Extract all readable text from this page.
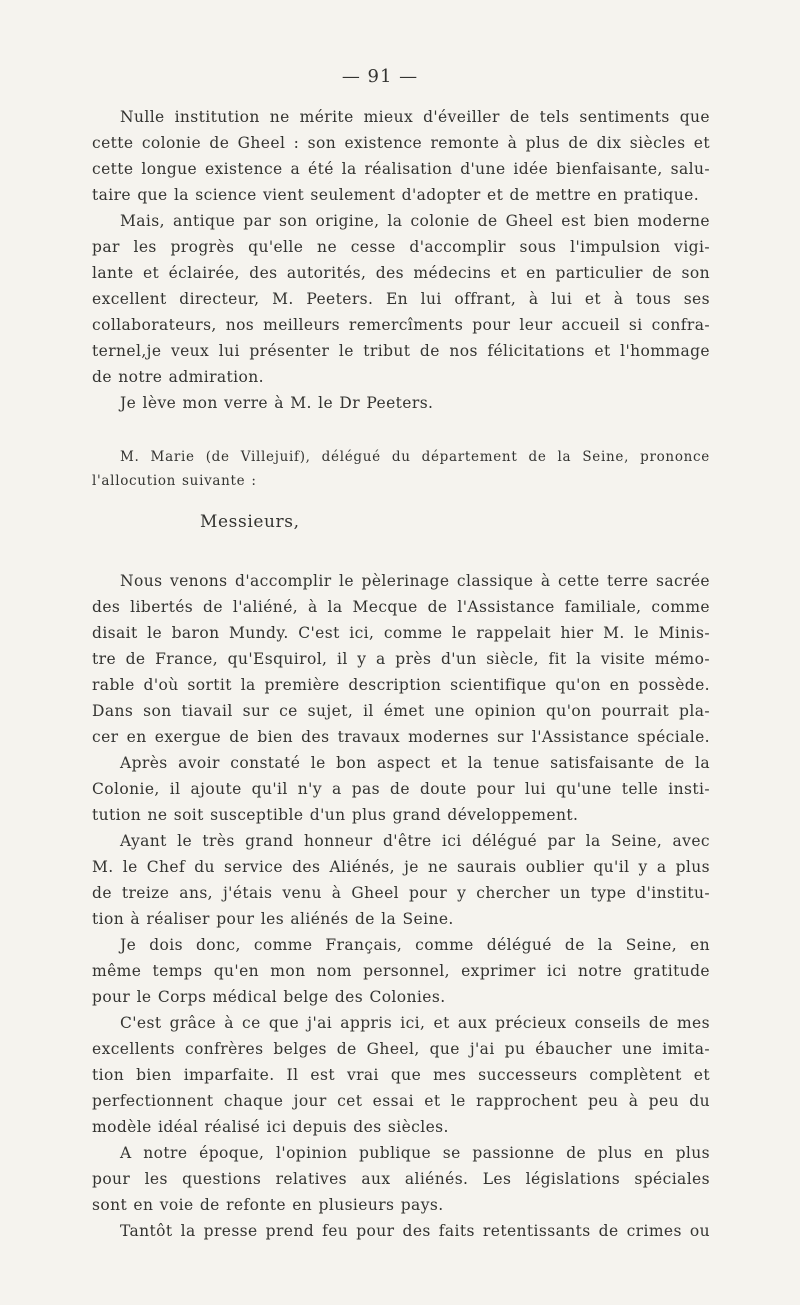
— 91 —
Nulle institution ne mérite mieux d'éveiller de tels sentiments que
cette colonie de Gheel : son existence remonte à plus de dix siècles et
cette longue existence a été la réalisation d'une idée bienfaisante, salu-
taire que la science vient seulement d'adopter et de mettre en pratique.
Mais, antique par son origine, la colonie de Gheel est bien moderne
par les progrès qu'elle ne cesse d'accomplir sous l'impulsion vigi-
lante et éclairée, des autorités, des médecins et en particulier de son
excellent directeur, M. Peeters. En lui offrant, à lui et à tous ses
collaborateurs, nos meilleurs remercîments pour leur accueil si confra-
ternel,je veux lui présenter le tribut de nos félicitations et l'hommage
de notre admiration.
Je lève mon verre à M. le Dr Peeters.
M. Marie (de Villejuif), délégué du département de la Seine, prononce
l'allocution suivante :
Messieurs,
Nous venons d'accomplir le pèlerinage classique à cette terre sacrée
des libertés de l'aliéné, à la Mecque de l'Assistance familiale, comme
disait le baron Mundy. C'est ici, comme le rappelait hier M. le Minis-
tre de France, qu'Esquirol, il y a près d'un siècle, fit la visite mémo-
rable d'où sortit la première description scientifique qu'on en possède.
Dans son tiavail sur ce sujet, il émet une opinion qu'on pourrait pla-
cer en exergue de bien des travaux modernes sur l'Assistance spéciale.
Après avoir constaté le bon aspect et la tenue satisfaisante de la
Colonie, il ajoute qu'il n'y a pas de doute pour lui qu'une telle insti-
tution ne soit susceptible d'un plus grand développement.
Ayant le très grand honneur d'être ici délégué par la Seine, avec
M. le Chef du service des Aliénés, je ne saurais oublier qu'il y a plus
de treize ans, j'étais venu à Gheel pour y chercher un type d'institu-
tion à réaliser pour les aliénés de la Seine.
Je dois donc, comme Français, comme délégué de la Seine, en
même temps qu'en mon nom personnel, exprimer ici notre gratitude
pour le Corps médical belge des Colonies.
C'est grâce à ce que j'ai appris ici, et aux précieux conseils de mes
excellents confrères belges de Gheel, que j'ai pu ébaucher une imita-
tion bien imparfaite. Il est vrai que mes successeurs complètent et
perfectionnent chaque jour cet essai et le rapprochent peu à peu du
modèle idéal réalisé ici depuis des siècles.
A notre époque, l'opinion publique se passionne de plus en plus
pour les questions relatives aux aliénés. Les législations spéciales
sont en voie de refonte en plusieurs pays.
Tantôt la presse prend feu pour des faits retentissants de crimes ou
